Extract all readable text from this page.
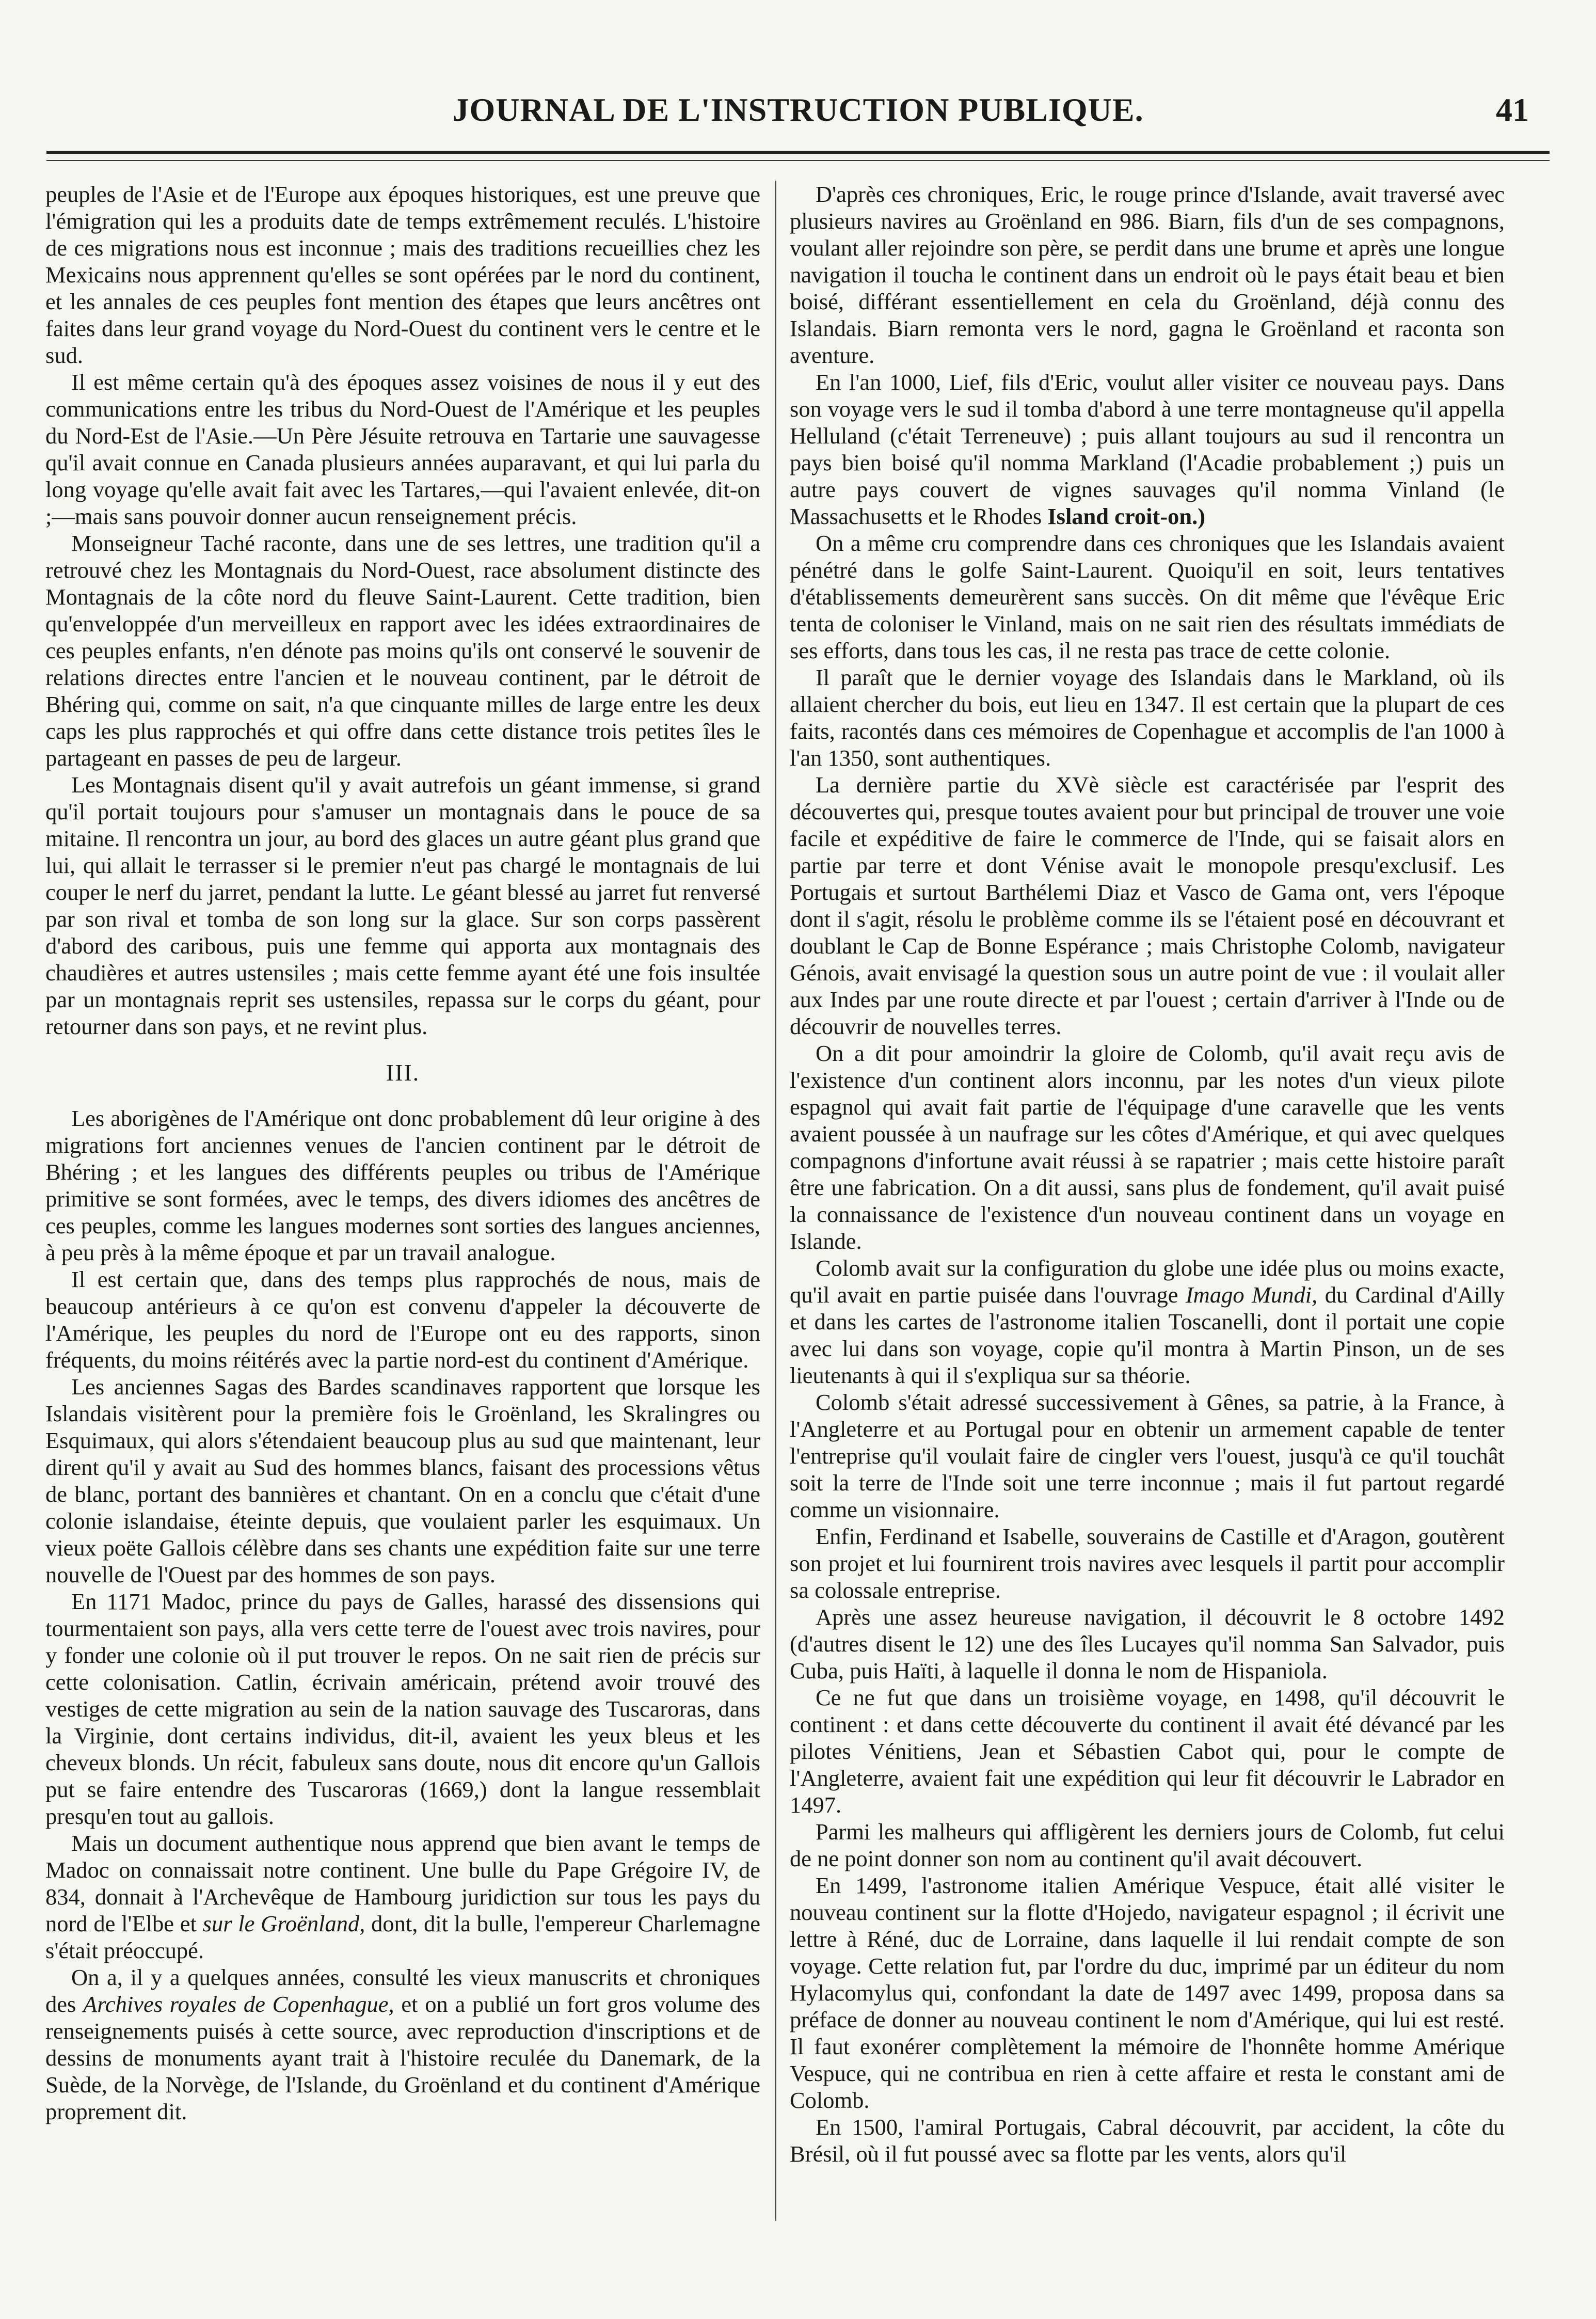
JOURNAL DE L'INSTRUCTION PUBLIQUE.	41

peuples de l'Asie et de l'Europe aux époques historiques, est une preuve que l'émigration qui les a produits date de temps extrêmement reculés. L'histoire de ces migrations nous est inconnue ; mais des traditions recueillies chez les Mexicains nous apprennent qu'elles se sont opérées par le nord du continent, et les annales de ces peuples font mention des étapes que leurs ancêtres ont faites dans leur grand voyage du Nord-Ouest du continent vers le centre et le sud.

Il est même certain qu'à des époques assez voisines de nous il y eut des communications entre les tribus du Nord-Ouest de l'Amérique et les peuples du Nord-Est de l'Asie.—Un Père Jésuite retrouva en Tartarie une sauvagesse qu'il avait connue en Canada plusieurs années auparavant, et qui lui parla du long voyage qu'elle avait fait avec les Tartares,—qui l'avaient enlevée, dit-on ;—mais sans pouvoir donner aucun renseignement précis.

Monseigneur Taché raconte, dans une de ses lettres, une tradition qu'il a retrouvé chez les Montagnais du Nord-Ouest, race absolument distincte des Montagnais de la côte nord du fleuve Saint-Laurent. Cette tradition, bien qu'enveloppée d'un merveilleux en rapport avec les idées extraordinaires de ces peuples enfants, n'en dénote pas moins qu'ils ont conservé le souvenir de relations directes entre l'ancien et le nouveau continent, par le détroit de Bhéring qui, comme on sait, n'a que cinquante milles de large entre les deux caps les plus rapprochés et qui offre dans cette distance trois petites îles le partageant en passes de peu de largeur.

Les Montagnais disent qu'il y avait autrefois un géant immense, si grand qu'il portait toujours pour s'amuser un montagnais dans le pouce de sa mitaine. Il rencontra un jour, au bord des glaces un autre géant plus grand que lui, qui allait le terrasser si le premier n'eut pas chargé le montagnais de lui couper le nerf du jarret, pendant la lutte. Le géant blessé au jarret fut renversé par son rival et tomba de son long sur la glace. Sur son corps passèrent d'abord des caribous, puis une femme qui apporta aux montagnais des chaudières et autres ustensiles ; mais cette femme ayant été une fois insultée par un montagnais reprit ses ustensiles, repassa sur le corps du géant, pour retourner dans son pays, et ne revint plus.

III.

Les aborigènes de l'Amérique ont donc probablement dû leur origine à des migrations fort anciennes venues de l'ancien continent par le détroit de Bhéring ; et les langues des différents peuples ou tribus de l'Amérique primitive se sont formées, avec le temps, des divers idiomes des ancêtres de ces peuples, comme les langues modernes sont sorties des langues anciennes, à peu près à la même époque et par un travail analogue.

Il est certain que, dans des temps plus rapprochés de nous, mais de beaucoup antérieurs à ce qu'on est convenu d'appeler la découverte de l'Amérique, les peuples du nord de l'Europe ont eu des rapports, sinon fréquents, du moins réitérés avec la partie nord-est du continent d'Amérique.

Les anciennes Sagas des Bardes scandinaves rapportent que lorsque les Islandais visitèrent pour la première fois le Groënland, les Skralingres ou Esquimaux, qui alors s'étendaient beaucoup plus au sud que maintenant, leur dirent qu'il y avait au Sud des hommes blancs, faisant des processions vêtus de blanc, portant des bannières et chantant. On en a conclu que c'était d'une colonie islandaise, éteinte depuis, que voulaient parler les esquimaux. Un vieux poëte Gallois célèbre dans ses chants une expédition faite sur une terre nouvelle de l'Ouest par des hommes de son pays.

En 1171 Madoc, prince du pays de Galles, harassé des dissensions qui tourmentaient son pays, alla vers cette terre de l'ouest avec trois navires, pour y fonder une colonie où il put trouver le repos. On ne sait rien de précis sur cette colonisation. Catlin, écrivain américain, prétend avoir trouvé des vestiges de cette migration au sein de la nation sauvage des Tuscaroras, dans la Virginie, dont certains individus, dit-il, avaient les yeux bleus et les cheveux blonds. Un récit, fabuleux sans doute, nous dit encore qu'un Gallois put se faire entendre des Tuscaroras (1669,) dont la langue ressemblait presqu'en tout au gallois.

Mais un document authentique nous apprend que bien avant le temps de Madoc on connaissait notre continent. Une bulle du Pape Grégoire IV, de 834, donnait à l'Archevêque de Hambourg juridiction sur tous les pays du nord de l'Elbe et sur le Groënland, dont, dit la bulle, l'empereur Charlemagne s'était préoccupé.

On a, il y a quelques années, consulté les vieux manuscrits et chroniques des Archives royales de Copenhague, et on a publié un fort gros volume des renseignements puisés à cette source, avec reproduction d'inscriptions et de dessins de monuments ayant trait à l'histoire reculée du Danemark, de la Suède, de la Norvège, de l'Islande, du Groënland et du continent d'Amérique proprement dit.

D'après ces chroniques, Eric, le rouge prince d'Islande, avait traversé avec plusieurs navires au Groënland en 986. Biarn, fils d'un de ses compagnons, voulant aller rejoindre son père, se perdit dans une brume et après une longue navigation il toucha le continent dans un endroit où le pays était beau et bien boisé, différant essentiellement en cela du Groënland, déjà connu des Islandais. Biarn remonta vers le nord, gagna le Groënland et raconta son aventure.

En l'an 1000, Lief, fils d'Eric, voulut aller visiter ce nouveau pays. Dans son voyage vers le sud il tomba d'abord à une terre montagneuse qu'il appella Helluland (c'était Terreneuve) ; puis allant toujours au sud il rencontra un pays bien boisé qu'il nomma Markland (l'Acadie probablement ;) puis un autre pays couvert de vignes sauvages qu'il nomma Vinland (le Massachusetts et le Rhodes Island croit-on.)

On a même cru comprendre dans ces chroniques que les Islandais avaient pénétré dans le golfe Saint-Laurent. Quoiqu'il en soit, leurs tentatives d'établissements demeurèrent sans succès. On dit même que l'évêque Eric tenta de coloniser le Vinland, mais on ne sait rien des résultats immédiats de ses efforts, dans tous les cas, il ne resta pas trace de cette colonie.

Il paraît que le dernier voyage des Islandais dans le Markland, où ils allaient chercher du bois, eut lieu en 1347. Il est certain que la plupart de ces faits, racontés dans ces mémoires de Copenhague et accomplis de l'an 1000 à l'an 1350, sont authentiques.

La dernière partie du XVè siècle est caractérisée par l'esprit des découvertes qui, presque toutes avaient pour but principal de trouver une voie facile et expéditive de faire le commerce de l'Inde, qui se faisait alors en partie par terre et dont Vénise avait le monopole presqu'exclusif. Les Portugais et surtout Barthélemi Diaz et Vasco de Gama ont, vers l'époque dont il s'agit, résolu le problème comme ils se l'étaient posé en découvrant et doublant le Cap de Bonne Espérance ; mais Christophe Colomb, navigateur Génois, avait envisagé la question sous un autre point de vue : il voulait aller aux Indes par une route directe et par l'ouest ; certain d'arriver à l'Inde ou de découvrir de nouvelles terres.

On a dit pour amoindrir la gloire de Colomb, qu'il avait reçu avis de l'existence d'un continent alors inconnu, par les notes d'un vieux pilote espagnol qui avait fait partie de l'équipage d'une caravelle que les vents avaient poussée à un naufrage sur les côtes d'Amérique, et qui avec quelques compagnons d'infortune avait réussi à se rapatrier ; mais cette histoire paraît être une fabrication. On a dit aussi, sans plus de fondement, qu'il avait puisé la connaissance de l'existence d'un nouveau continent dans un voyage en Islande.

Colomb avait sur la configuration du globe une idée plus ou moins exacte, qu'il avait en partie puisée dans l'ouvrage Imago Mundi, du Cardinal d'Ailly et dans les cartes de l'astronome italien Toscanelli, dont il portait une copie avec lui dans son voyage, copie qu'il montra à Martin Pinson, un de ses lieutenants à qui il s'expliqua sur sa théorie.

Colomb s'était adressé successivement à Gênes, sa patrie, à la France, à l'Angleterre et au Portugal pour en obtenir un armement capable de tenter l'entreprise qu'il voulait faire de cingler vers l'ouest, jusqu'à ce qu'il touchât soit la terre de l'Inde soit une terre inconnue ; mais il fut partout regardé comme un visionnaire.

Enfin, Ferdinand et Isabelle, souverains de Castille et d'Aragon, goutèrent son projet et lui fournirent trois navires avec lesquels il partit pour accomplir sa colossale entreprise.

Après une assez heureuse navigation, il découvrit le 8 octobre 1492 (d'autres disent le 12) une des îles Lucayes qu'il nomma San Salvador, puis Cuba, puis Haïti, à laquelle il donna le nom de Hispaniola.

Ce ne fut que dans un troisième voyage, en 1498, qu'il découvrit le continent : et dans cette découverte du continent il avait été dévancé par les pilotes Vénitiens, Jean et Sébastien Cabot qui, pour le compte de l'Angleterre, avaient fait une expédition qui leur fit découvrir le Labrador en 1497.

Parmi les malheurs qui affligèrent les derniers jours de Colomb, fut celui de ne point donner son nom au continent qu'il avait découvert.

En 1499, l'astronome italien Amérique Vespuce, était allé visiter le nouveau continent sur la flotte d'Hojedo, navigateur espagnol ; il écrivit une lettre à Réné, duc de Lorraine, dans laquelle il lui rendait compte de son voyage. Cette relation fut, par l'ordre du duc, imprimé par un éditeur du nom Hylacomylus qui, confondant la date de 1497 avec 1499, proposa dans sa préface de donner au nouveau continent le nom d'Amérique, qui lui est resté. Il faut exonérer complètement la mémoire de l'honnête homme Amérique Vespuce, qui ne contribua en rien à cette affaire et resta le constant ami de Colomb.

En 1500, l'amiral Portugais, Cabral découvrit, par accident, la côte du Brésil, où il fut poussé avec sa flotte par les vents, alors qu'il
